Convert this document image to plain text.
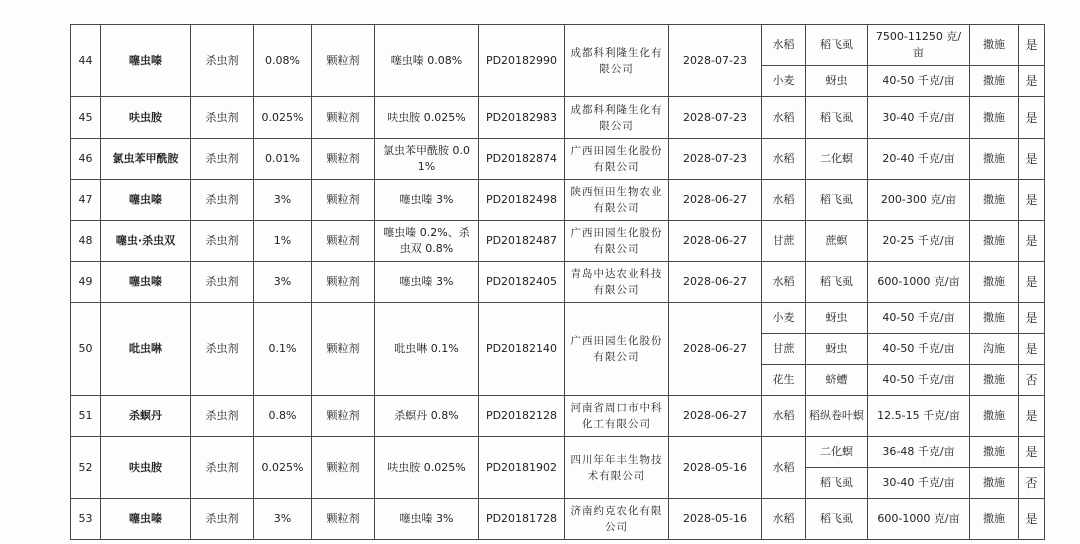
44	噻虫嗪	杀虫剂	0.08%	颗粒剂	噻虫嗪 0.08%	PD20182990	成都科利隆生化有限公司	2028-07-23	水稻	稻飞虱	7500-11250 克/亩	撒施	是
									小麦	蚜虫	40-50 千克/亩	撒施	是
45	呋虫胺	杀虫剂	0.025%	颗粒剂	呋虫胺 0.025%	PD20182983	成都科利隆生化有限公司	2028-07-23	水稻	稻飞虱	30-40 千克/亩	撒施	是
46	氯虫苯甲酰胺	杀虫剂	0.01%	颗粒剂	氯虫苯甲酰胺 0.01%	PD20182874	广西田园生化股份有限公司	2028-07-23	水稻	二化螟	20-40 千克/亩	撒施	是
47	噻虫嗪	杀虫剂	3%	颗粒剂	噻虫嗪 3%	PD20182498	陕西恒田生物农业有限公司	2028-06-27	水稻	稻飞虱	200-300 克/亩	撒施	是
48	噻虫·杀虫双	杀虫剂	1%	颗粒剂	噻虫嗪 0.2%、杀虫双 0.8%	PD20182487	广西田园生化股份有限公司	2028-06-27	甘蔗	蔗螟	20-25 千克/亩	撒施	是
49	噻虫嗪	杀虫剂	3%	颗粒剂	噻虫嗪 3%	PD20182405	青岛中达农业科技有限公司	2028-06-27	水稻	稻飞虱	600-1000 克/亩	撒施	是
50	吡虫啉	杀虫剂	0.1%	颗粒剂	吡虫啉 0.1%	PD20182140	广西田园生化股份有限公司	2028-06-27	小麦	蚜虫	40-50 千克/亩	撒施	是
									甘蔗	蚜虫	40-50 千克/亩	沟施	是
									花生	蛴螬	40-50 千克/亩	撒施	否
51	杀螟丹	杀虫剂	0.8%	颗粒剂	杀螟丹 0.8%	PD20182128	河南省周口市中科化工有限公司	2028-06-27	水稻	稻纵卷叶螟	12.5-15 千克/亩	撒施	是
52	呋虫胺	杀虫剂	0.025%	颗粒剂	呋虫胺 0.025%	PD20181902	四川年年丰生物技术有限公司	2028-05-16	水稻	二化螟	36-48 千克/亩	撒施	是
										稻飞虱	30-40 千克/亩	撒施	否
53	噻虫嗪	杀虫剂	3%	颗粒剂	噻虫嗪 3%	PD20181728	济南约克农化有限公司	2028-05-16	水稻	稻飞虱	600-1000 克/亩	撒施	是
